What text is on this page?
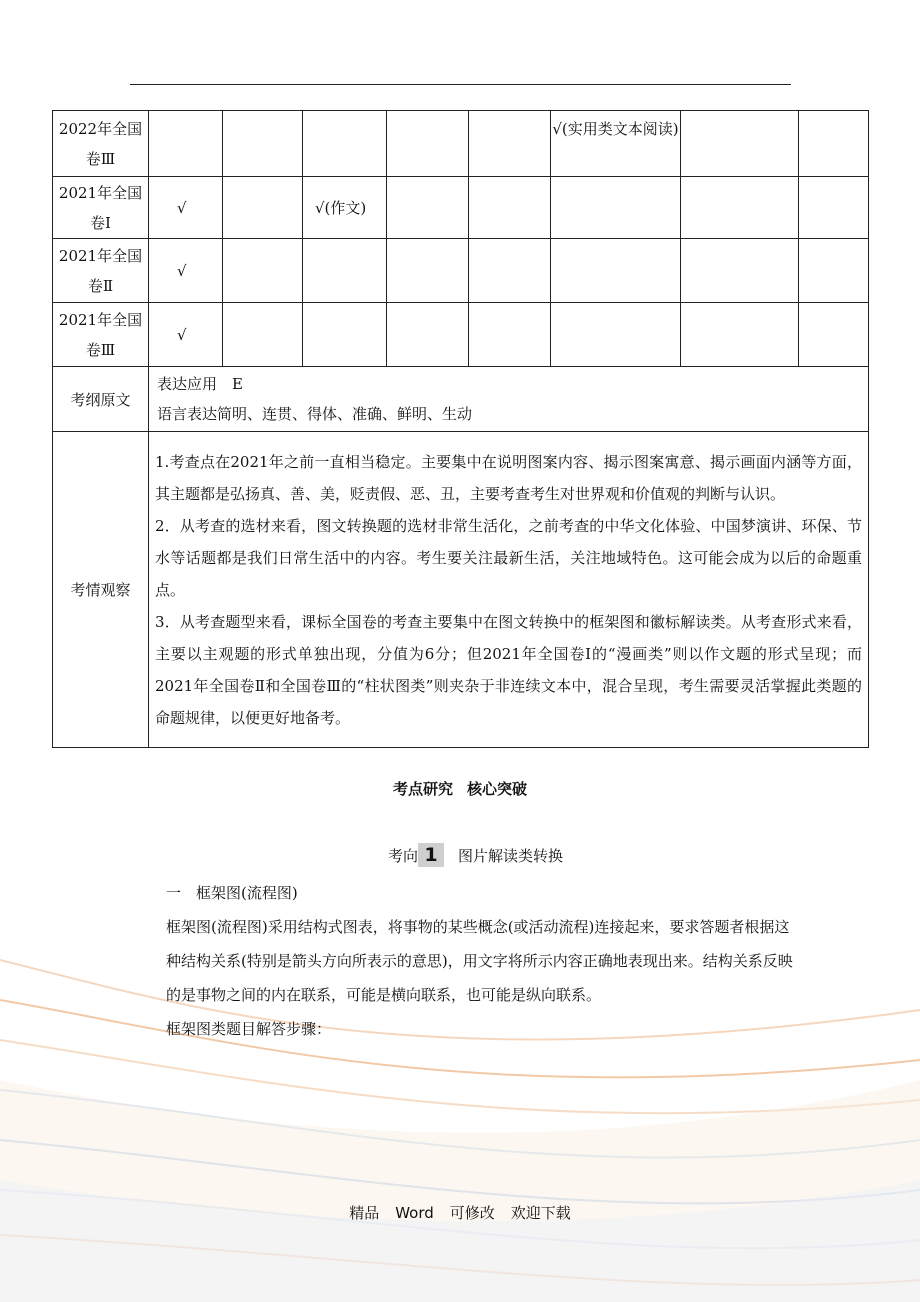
2022年全国卷Ⅲ						√(实用类文本阅读)		
2021年全国卷Ⅰ	√		√(作文)					
2021年全国卷Ⅱ	√							
2021年全国卷Ⅲ	√							
考纲原文	表达应用　E

语言表达简明、连贯、得体、准确、鲜明、生动							

考情观察	1.考查点在2021年之前一直相当稳定。主要集中在说明图案内容、揭示图案寓意、揭示画面内涵等方面，其主题都是弘扬真、善、美，贬责假、恶、丑，主要考查考生对世界观和价值观的判断与认识。

2．从考查的选材来看，图文转换题的选材非常生活化，之前考查的中华文化体验、中国梦演讲、环保、节水等话题都是我们日常生活中的内容。考生要关注最新生活，关注地域特色。这可能会成为以后的命题重点。

3．从考查题型来看，课标全国卷的考查主要集中在图文转换中的框架图和徽标解读类。从考查形式来看，主要以主观题的形式单独出现，分值为6分；但2021年全国卷Ⅰ的“漫画类”则以作文题的形式呈现；而2021年全国卷Ⅱ和全国卷Ⅲ的“柱状图类”则夹杂于非连续文本中，混合呈现，考生需要灵活掌握此类题的命题规律，以便更好地备考。							

考点研究 核心突破
考向 1	图片解读类转换

一　框架图(流程图)

框架图(流程图)采用结构式图表，将事物的某些概念(或活动流程)连接起来，要求答题者根据这种结构关系(特别是箭头方向所表示的意思)，用文字将所示内容正确地表现出来。结构关系反映的是事物之间的内在联系，可能是横向联系，也可能是纵向联系。

框架图类题目解答步骤：

精品 Word 可修改 欢迎下载
